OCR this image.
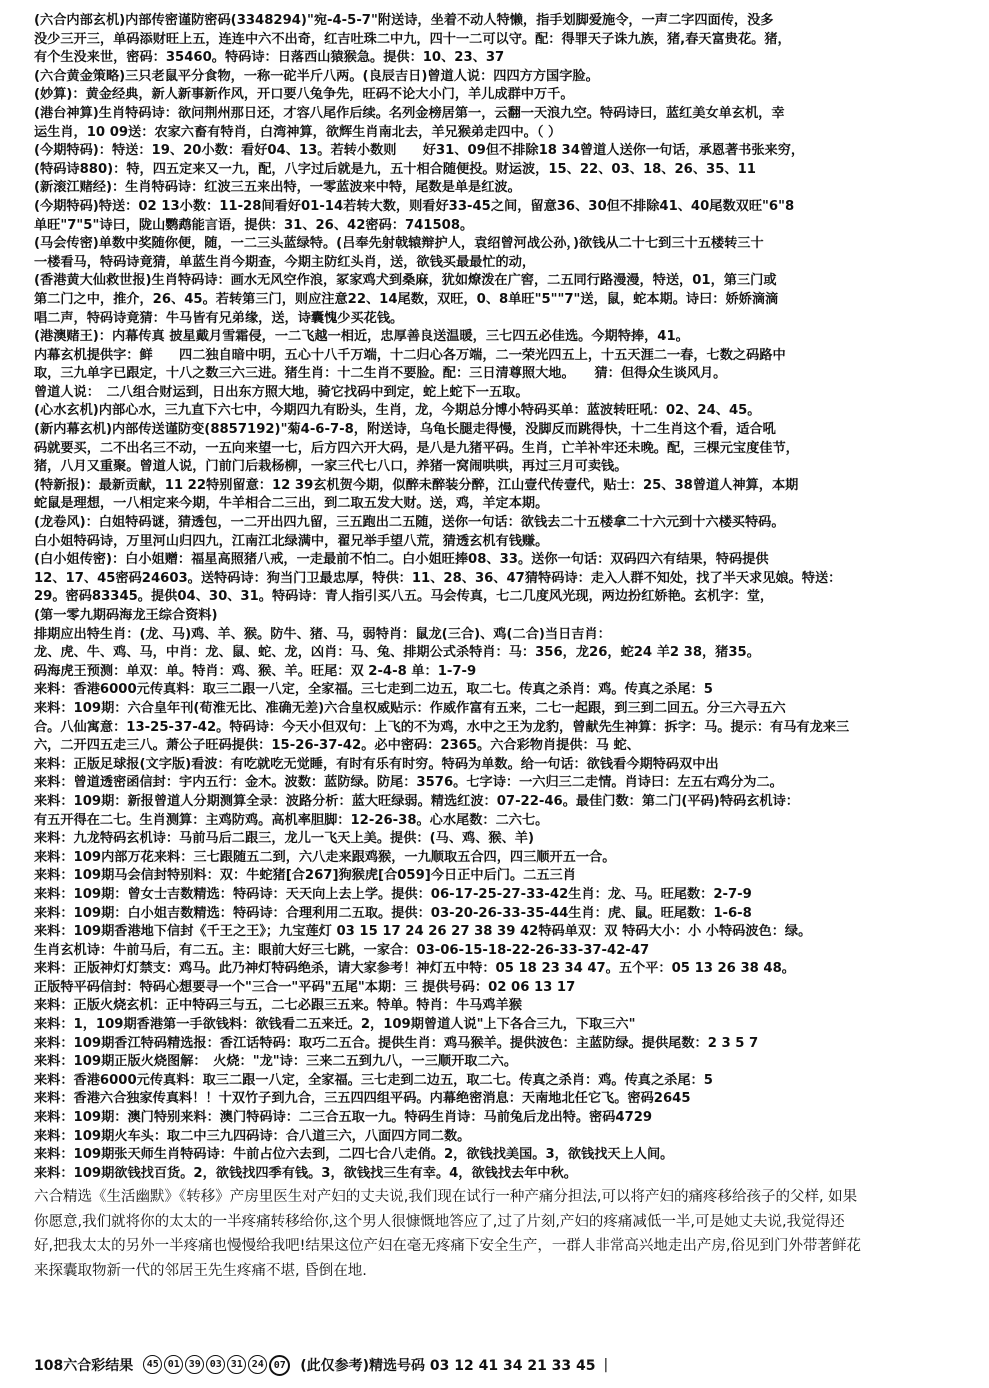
(六合内部玄机)内部传密谨防密码(3348294)"宛-4-5-7"附送诗，坐着不动人特懒，指手划脚爱施令，一声二字四面传，没多
没少三开三，单码添财旺上五，连连中六不出奇，红吉吐珠二中九，四十一二可以守。配：得罪天子诛九族，猪,春天富贵花。猪，
有个生没来世，密码：35460。特码诗：日落西山猿猴急。提供：10、23、37
(六合黄金策略)三只老鼠平分食物，一称一砣半斤八两。(良辰吉日)曾道人说：四四方方国字脸。
(妙算)：黄金经典，新人新事新作风，开口要八兔争先，旺码不论大小门，羊儿成群中万千。
(港台神算)生肖特码诗：欲问荆州那日还，才容八尾作后续。名列金榜居第一，云翻一天浪九空。特码诗曰，蓝红美女单玄机，幸
运生肖，10 09送：农家六畜有特肖，白湾神算，欲辉生肖南北去，羊兄猴弟走四中。（ ）
(今期特码)：特送：19、20小数：看好04、13。若转小数则　　好31、09但不排除18 34曾道人送你一句话，承恩著书张来穷，
(特码诗880)：特，四五定来又一九，配，八字过后就是九，五十相合随便投。财运波，15、22、03、18、26、35、11
(新滚江赌经)：生肖特码诗：红波三五来出特，一零蓝波来中特，尾数是单是红波。
(今期特码)特送：02 13小数：11-28间看好01-14若转大数，则看好33-45之间，留意36、30但不排除41、40尾数双旺"6"8
单旺"7"5"诗曰，陇山鹦鹉能言语，提供：31、26、42密码：741508。
(马会传密)单数中奖随你便，随，一二三头蓝绿特。(吕奉先射戟辕辩护人，袁绍曾河战公孙，)欲钱从二十七到三十五楼转三十
一楼看马，特码诗竟猜，单蓝生肖今期查，今期主防红头肖，送，欲钱买最最忙的动，
(香港黄大仙救世报)生肖特码诗：画水无风空作浪，冢家鸡犬到桑麻，犹如燎泼在广窖，二五同行路漫漫，特送，01，第三门或
第二门之中，推介，26、45。若转第三门，则应注意22、14尾数，双旺，0、8单旺"5""7"送，鼠，蛇本期。诗曰：娇娇滴滴
唱二声，特码诗竟猜：牛马皆有兄弟缘，送，诗囊愧少买花钱。
(港澳赌王)：内幕传真 披星戴月雪霜侵，一二飞越一相近，忠厚善良送温暖，三七四五必佳选。今期特捧，41。
内幕玄机提供字：鲜　　四二独自暗中明，五心十八千万端，十二归心各万端，二一荣光四五上，十五天涯二一春，七数之码路中
取，三九单字已跟定，十八之数三六三进。猪生肖：十二生肖不要脸。配：三日清尊照大地。　　猜：但得众生谈风月。
曾道人说：　二八组合财运到，日出东方照大地，骑它找码中到定，蛇上蛇下一五取。
(心水玄机)内部心水，三九直下六七中，今期四九有盼头，生肖，龙，今期总分博小特码买单：蓝波转旺吼：02、24、45。
(新内幕玄机)内部传送谨防变(8857192)"菊4-6-7-8，附送诗，乌龟长腿走得慢，没脚反而跳得快，十二生肖这个看，适合吼
码就要买，二不出名三不动，一五向来望一七，后方四六开大码，是八是九猪平码。生肖，亡羊补牢还未晚。配，三棵元宝度佳节，
猪，八月又重聚。曾道人说，门前门后栽杨柳，一家三代七八口，养猪一窝闹哄哄，再过三月可卖钱。
(特新报)：最新贡献，11 22特别留意：12 39玄机贺今期，似醉未醉装分醉，江山壹代传壹代，贴士：25、38曾道人神算，本期
蛇鼠是理想，一八相定来今期，牛羊相合二三出，到二取五发大财。送，鸡，羊定本期。
(龙卷风)：白姐特码谜，猜透包，一二开出四九留，三五跑出二五随，送你一句话：欲钱去二十五楼拿二十六元到十六楼买特码。
白小姐特码诗，万里河山归四九，江南江北绿满中，翟兄举手望八荒，猜透玄机有钱赚。
(白小姐传密)：白小姐赠：福星高照猪八戒，一走最前不怕二。白小姐旺捧08、33。送你一句话：双码四六有结果，特码提供
12、17、45密码24603。送特码诗：狗当门卫最忠厚，特供：11、28、36、47猜特码诗：走入人群不知处，找了半天求见娘。特送：
29。密码83345。提供04、30、31。特码诗：青人指引买八五。马会传真，七二几度风光现，两边扮红娇艳。玄机字：堂，
(第一零九期码海龙王综合资料)
排期应出特生肖：(龙、马)鸡、羊、猴。防牛、猪、马，弱特肖：鼠龙(三合)、鸡(二合)当日吉肖：
龙、虎、牛、鸡、马，中肖：龙、鼠、蛇、龙，凶肖：马、兔、排期公式杀特肖：马：356，龙26，蛇24 羊2 38，猪35。
码海虎王预测：单双：单。特肖：鸡、猴、羊。旺尾：双 2-4-8 单：1-7-9
来料：香港6000元传真料：取三二跟一八定，全家福。三七走到二边五，取二七。传真之杀肖：鸡。传真之杀尾：5
来料：109期：六合皇年刊(荀淮无比、准确无差)六合皇权威贴示：作威作富有五来，二七一起跟，到三到二回五。分三六寻五六
合。八仙寓意：13-25-37-42。特码诗：今天小但双句：上飞的不为鸡，水中之王为龙豹，曾献先生神算：拆字：马。提示：有马有龙来三
六，二开四五走三八。萧公子旺码提供：15-26-37-42。必中密码：2365。六合彩物肖提供：马 蛇、
来料：正版足球报(文字版)看波：有吃就吃无觉睡，有时有乐有时穷。特码为单数。给一句话：欲钱看今期特码双中出
来料：曾道透密函信封：宇内五行：金木。波数：蓝防绿。防尾：3576。七字诗：一六归三二走情。肖诗曰：左五右鸡分为二。
来料：109期：新报曾道人分期测算全录：波路分析：蓝大旺绿弱。精选红波：07-22-46。最佳门数：第二门(平码)特码玄机诗：
有五开得在二七。生肖测算：主鸡防鸡。高机率胆脚：12-26-38。心水尾数：二六七。
来料：九龙特码玄机诗：马前马后二跟三，龙儿一飞天上美。提供：(马、鸡、猴、羊)
来料：109内部万花来料：三七跟随五二到，六八走来跟鸡猴，一九顺取五合四，四三顺开五一合。
来料：109期马会信封特别料：双：牛蛇猪[合267]狗猴虎[合059]今日正中后门。二五三肖
来料：109期：曾女士吉数精选：特码诗：天天向上去上学。提供：06-17-25-27-33-42生肖：龙、马。旺尾数：2-7-9
来料：109期：白小姐吉数精选：特码诗：合理利用二五取。提供：03-20-26-33-35-44生肖：虎、鼠。旺尾数：1-6-8
来料：109期香港地下信封《千王之王》；九宝莲灯 03 15 17 24 26 27 38 39 42特码单双：双 特码大小：小 小特码波色：绿。
生肖玄机诗：牛前马后，有二五。主：眼前大好三七跳，一家合：03-06-15-18-22-26-33-37-42-47
来料：正版神灯灯禁支：鸡马。此乃神灯特码绝杀，请大家参考！神灯五中特：05 18 23 34 47。五个平：05 13 26 38 48。
正版特平码信封：特码心想要寻一个"三合一"平码"五尾"本期：三 提供号码：02 06 13 17
来料：正版火烧玄机：正中特码三与五，二七必跟三五来。特单。特肖：牛马鸡羊猴
来料：1，109期香港第一手欲钱料：欲钱看二五来迁。2，109期曾道人说"上下各合三九，下取三六"
来料：109期香江特码精选报：香江话特码：取巧二五合。提供生肖：鸡马猴羊。提供波色：主蓝防绿。提供尾数：2 3 5 7
来料：109期正版火烧图解：　火烧："龙"诗：三来二五到九八，一三顺开取二六。
来料：香港6000元传真料：取三二跟一八定，全家福。三七走到二边五，取二七。传真之杀肖：鸡。传真之杀尾：5
来料：香港六合独家传真料！！十双竹子到九合，三五四四组平码。内幕绝密消息：天南地北任它飞。密码2645
来料：109期：澳门特别来料：澳门特码诗：二三合五取一九。特码生肖诗：马前兔后龙出特。密码4729
来料：109期火车头：取二中三九四码诗：合八道三六，八面四方同二数。
来料：109期张天师生肖特码诗：牛前占位六去到，二四七合八走俏。2，欲钱找美国。3，欲钱找天上人间。
来料：109期欲钱找百货。2，欲钱找四季有钱。3，欲钱找三生有幸。4，欲钱找去年中秋。
六合精选《生活幽默》《转移》产房里医生对产妇的丈夫说,我们现在试行一种产痛分担法,可以将产妇的痛疼移给孩子的父样, 如果
你愿意,我们就将你的太太的一半疼痛转移给你,这个男人很慷慨地答应了,过了片刻,产妇的疼痛减低一半,可是她丈夫说,我觉得还
好,把我太太的另外一半疼痛也慢慢给我吧!结果这位产妇在毫无疼痛下安全生产，一群人非常高兴地走出产房,俗见到门外带著鲜花
来探囊取物新一代的邻居王先生疼痛不堪, 昏倒在地.
108六合彩结果	45 01 39 03 31 24 07	(此仅参考)精选号码 03 12 41 34 21 33 45 |
